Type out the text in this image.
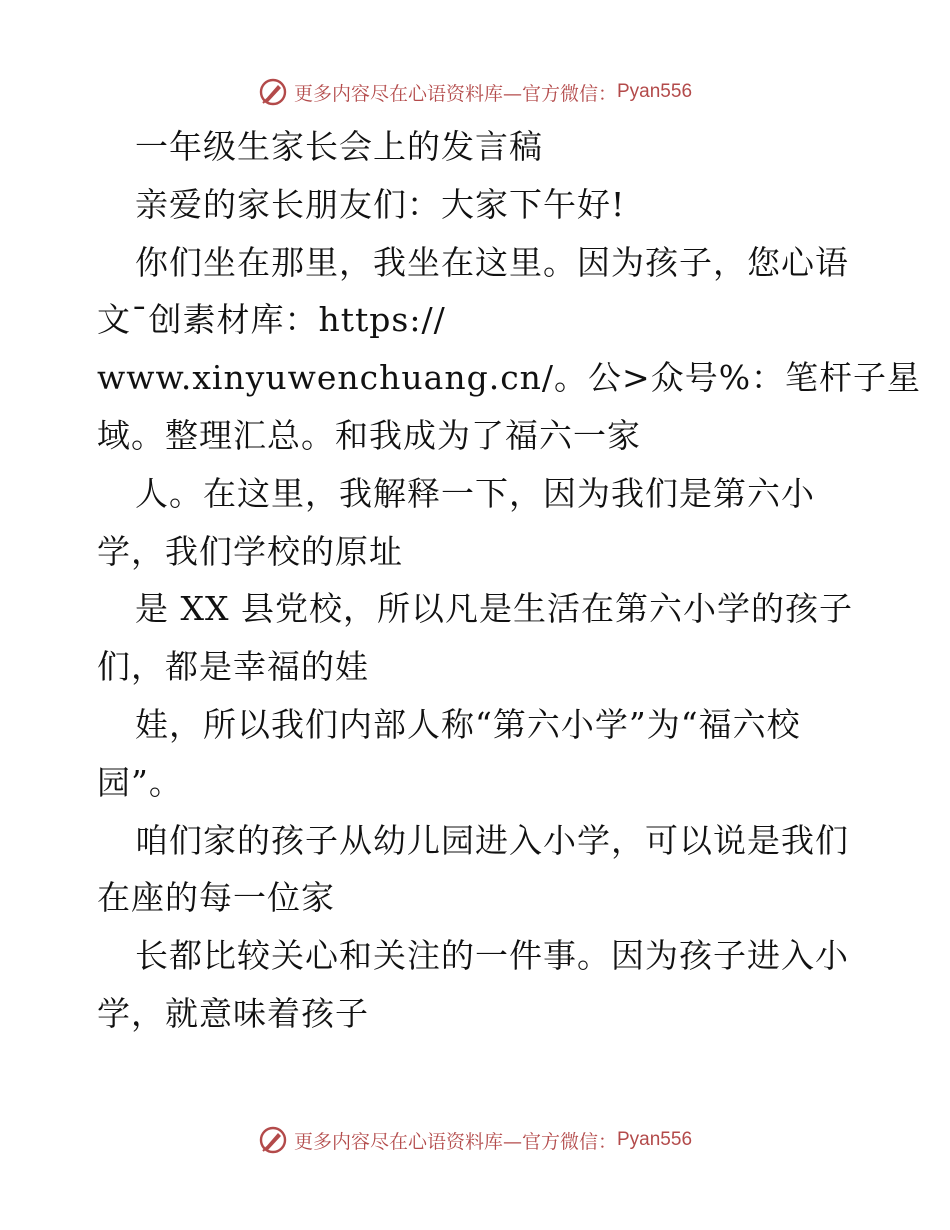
更多内容尽在心语资料库—官方微信： Pyan556
一年级生家长会上的发言稿
亲爱的家长朋友们：大家下午好!
你们坐在那里，我坐在这里。因为孩子，您心语
文¯创素材库：https://
www.xinyuwenchuang.cn/。公>众号%：笔杆子星
域。整理汇总。和我成为了福六一家
人。在这里，我解释一下，因为我们是第六小
学，我们学校的原址
是 XX 县党校，所以凡是生活在第六小学的孩子
们，都是幸福的娃
娃，所以我们内部人称“第六小学”为“福六校
园”。
咱们家的孩子从幼儿园进入小学，可以说是我们
在座的每一位家
长都比较关心和关注的一件事。因为孩子进入小
学，就意味着孩子
更多内容尽在心语资料库—官方微信： Pyan556
